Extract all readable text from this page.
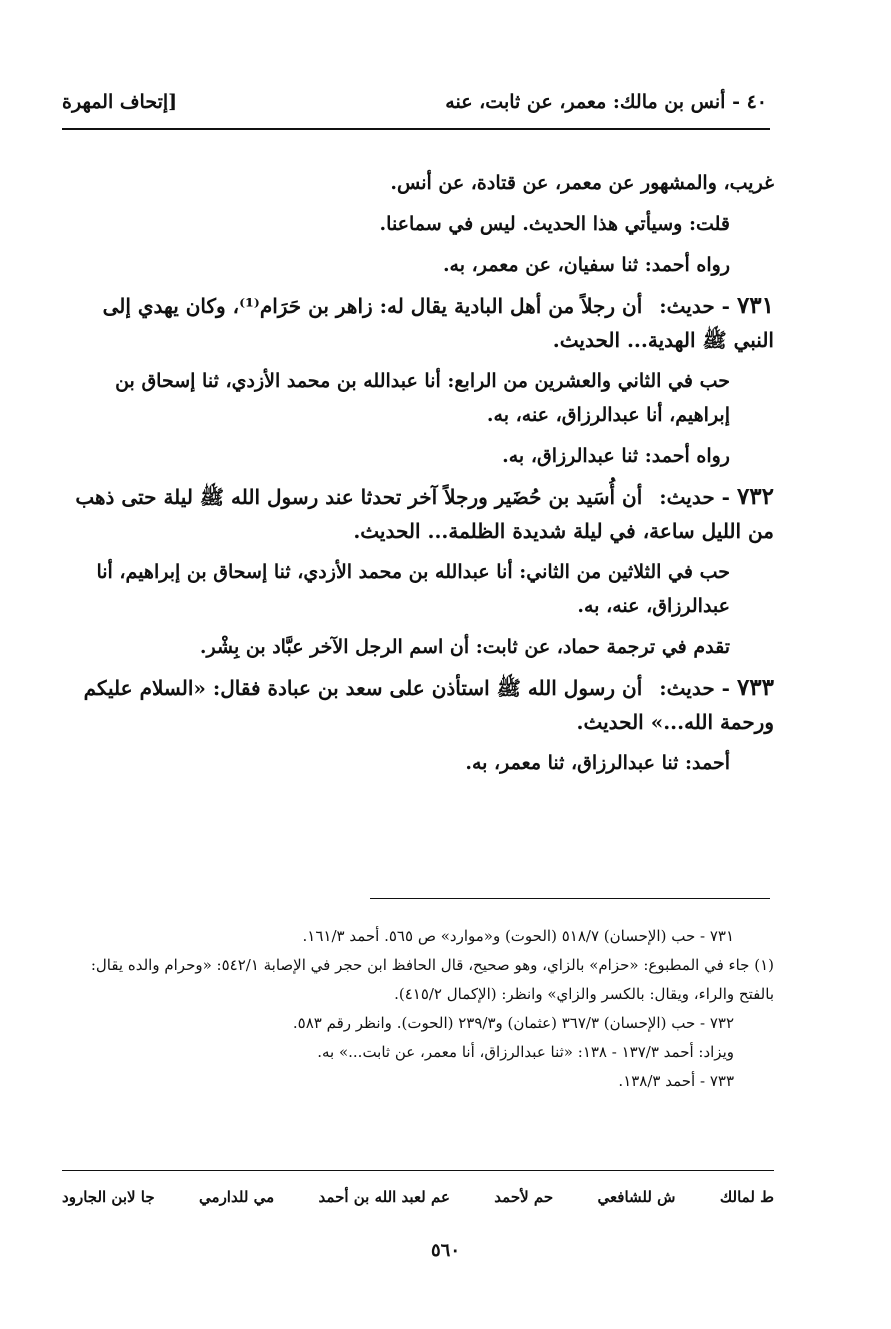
٤٠ - أنس بن مالك: معمر، عن ثابت، عنه
[إتحاف المهرة

غريب، والمشهور عن معمر، عن قتادة، عن أنس.

قلت: وسيأتي هذا الحديث. ليس في سماعنا.

رواه أحمد: ثنا سفيان، عن معمر، به.

٧٣١ - حديث: أن رجلاً من أهل البادية يقال له: زاهر بن حَرَام⁽¹⁾، وكان يهدي إلى النبي ﷺ الهدية... الحديث.

حب في الثاني والعشرين من الرابع: أنا عبدالله بن محمد الأزدي، ثنا إسحاق بن إبراهيم، أنا عبدالرزاق، عنه، به.

رواه أحمد: ثنا عبدالرزاق، به.

٧٣٢ - حديث: أن أُسَيد بن حُضَير ورجلاً آخر تحدثا عند رسول الله ﷺ ليلة حتى ذهب من الليل ساعة، في ليلة شديدة الظلمة... الحديث.

حب في الثلاثين من الثاني: أنا عبدالله بن محمد الأزدي، ثنا إسحاق بن إبراهيم، أنا عبدالرزاق، عنه، به.

تقدم في ترجمة حماد، عن ثابت: أن اسم الرجل الآخر عبَّاد بن بِشْر.

٧٣٣ - حديث: أن رسول الله ﷺ استأذن على سعد بن عبادة فقال: «السلام عليكم ورحمة الله...» الحديث.

أحمد: ثنا عبدالرزاق، ثنا معمر، به.

٧٣١ - حب (الإحسان) ٥١٨/٧ (الحوت) و«موارد» ص ٥٦٥. أحمد ١٦١/٣.

(١) جاء في المطبوع: «حزام» بالزاي، وهو صحيح، قال الحافظ ابن حجر في الإصابة ٥٤٢/١: «وحرام والده يقال: بالفتح والراء، ويقال: بالكسر والزاي» وانظر: (الإكمال ٤١٥/٢).

٧٣٢ - حب (الإحسان) ٣٦٧/٣ (عثمان) و٢٣٩/٣ (الحوت). وانظر رقم ٥٨٣.

ويزاد: أحمد ١٣٧/٣ - ١٣٨: «ثنا عبدالرزاق، أنا معمر، عن ثابت...» به.

٧٣٣ - أحمد ١٣٨/٣.

ط لمالك
ش للشافعي
حم لأحمد
عم لعبد الله بن أحمد
مي للدارمي
جا لابن الجارود
٥٦٠
